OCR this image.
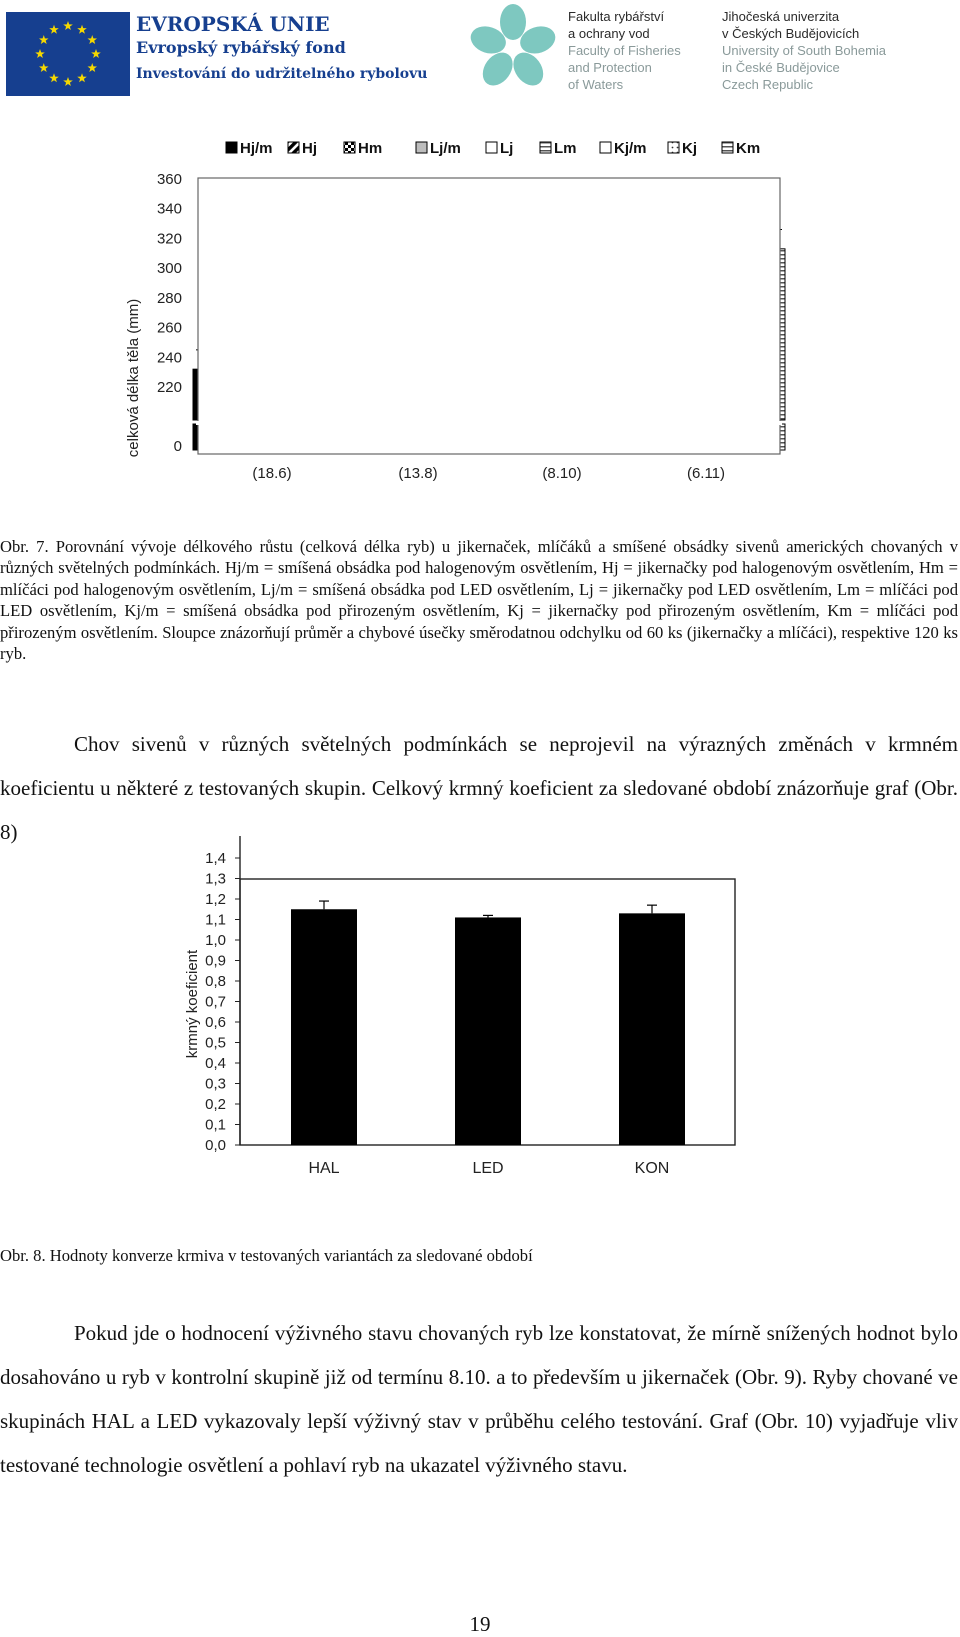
EVROPSKÁ UNIE
Evropský rybářský fond
Investování do udržitelného rybolovu
Fakulta rybářství
a ochrany vod
Faculty of Fisheries
and Protection
of Waters
Jihočeská univerzita
v Českých Budějovicích
University of South Bohemia
in České Budějovice
Czech Republic
360
340
320
300
280
260
240
220
0
(18.6)	(13.8)	(8.10)	(6.11)
Hj/m Hj	Hm	Lj/m	Lj	Lm	Kj/m Kj	Km
celková délka těla (mm)
Obr. 7. Porovnání vývoje délkového růstu (celková délka ryb) u jikernaček, mlíčáků a smíšené obsádky sivenů amerických chovaných v různých světelných podmínkách. Hj/m = smíšená obsádka pod halogenovým osvětlením, Hj = jikernačky pod halogenovým osvětlením, Hm = mlíčáci pod halogenovým osvětlením, Lj/m = smíšená obsádka pod LED osvětlením, Lj = jikernačky pod LED osvětlením, Lm = mlíčáci pod LED osvětlením, Kj/m = smíšená obsádka pod přirozeným osvětlením, Kj = jikernačky pod přirozeným osvětlením, Km = mlíčáci pod přirozeným osvětlením. Sloupce znázorňují průměr a chybové úsečky směrodatnou odchylku od 60 ks (jikernačky a mlíčáci), respektive 120 ks ryb.
Chov sivenů v různých světelných podmínkách se neprojevil na výrazných změnách v krmném koeficientu u některé z testovaných skupin. Celkový krmný koeficient za sledované období znázorňuje graf (Obr. 8)
1,4
1,3
1,2
1,1
1,0
0,9
0,8
0,7
0,6
0,5
0,4
0,3
0,2
0,1
0,0
HAL	LED	KON
krmný koeficient
Obr. 8. Hodnoty konverze krmiva v testovaných variantách za sledované období
Pokud jde o hodnocení výživného stavu chovaných ryb lze konstatovat, že mírně snížených hodnot bylo dosahováno u ryb v kontrolní skupině již od termínu 8.10. a to především u jikernaček (Obr. 9). Ryby chované ve skupinách HAL a LED vykazovaly lepší výživný stav v průběhu celého testování. Graf (Obr. 10) vyjadřuje vliv testované technologie osvětlení a pohlaví ryb na ukazatel výživného stavu.
19
